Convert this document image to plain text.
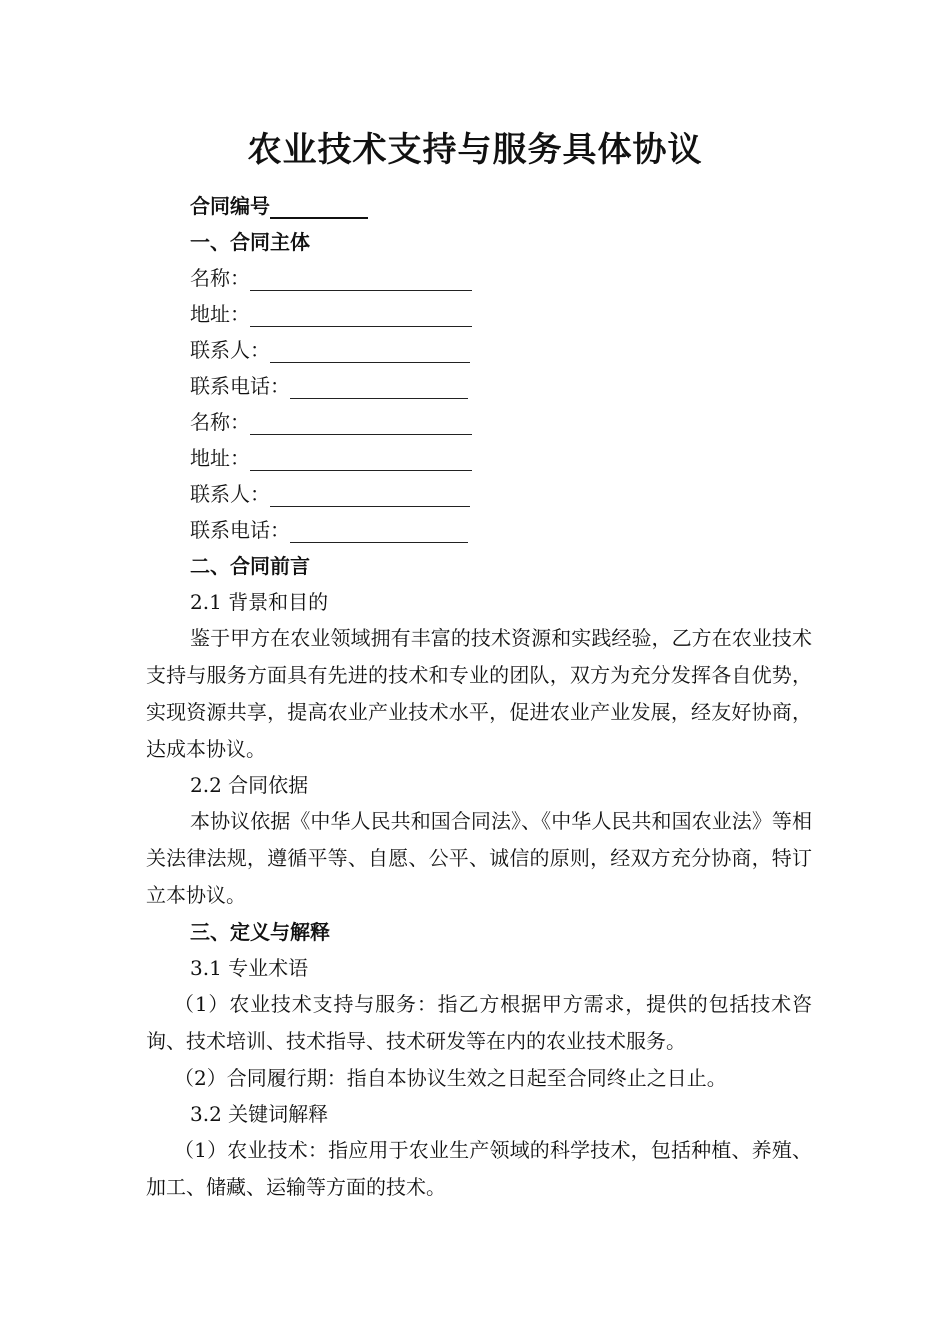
农业技术支持与服务具体协议
合同编号
一、合同主体
名称：
地址：
联系人：
联系电话：
名称：
地址：
联系人：
联系电话：
二、合同前言
2.1 背景和目的
鉴于甲方在农业领域拥有丰富的技术资源和实践经验，乙方在农业技术支持与服务方面具有先进的技术和专业的团队，双方为充分发挥各自优势，实现资源共享，提高农业产业技术水平，促进农业产业发展，经友好协商，达成本协议。
2.2 合同依据
本协议依据《中华人民共和国合同法》、《中华人民共和国农业法》等相关法律法规，遵循平等、自愿、公平、诚信的原则，经双方充分协商，特订立本协议。
三、定义与解释
3.1 专业术语
（1）农业技术支持与服务：指乙方根据甲方需求，提供的包括技术咨询、技术培训、技术指导、技术研发等在内的农业技术服务。
（2）合同履行期：指自本协议生效之日起至合同终止之日止。
3.2 关键词解释
（1）农业技术：指应用于农业生产领域的科学技术，包括种植、养殖、加工、储藏、运输等方面的技术。
